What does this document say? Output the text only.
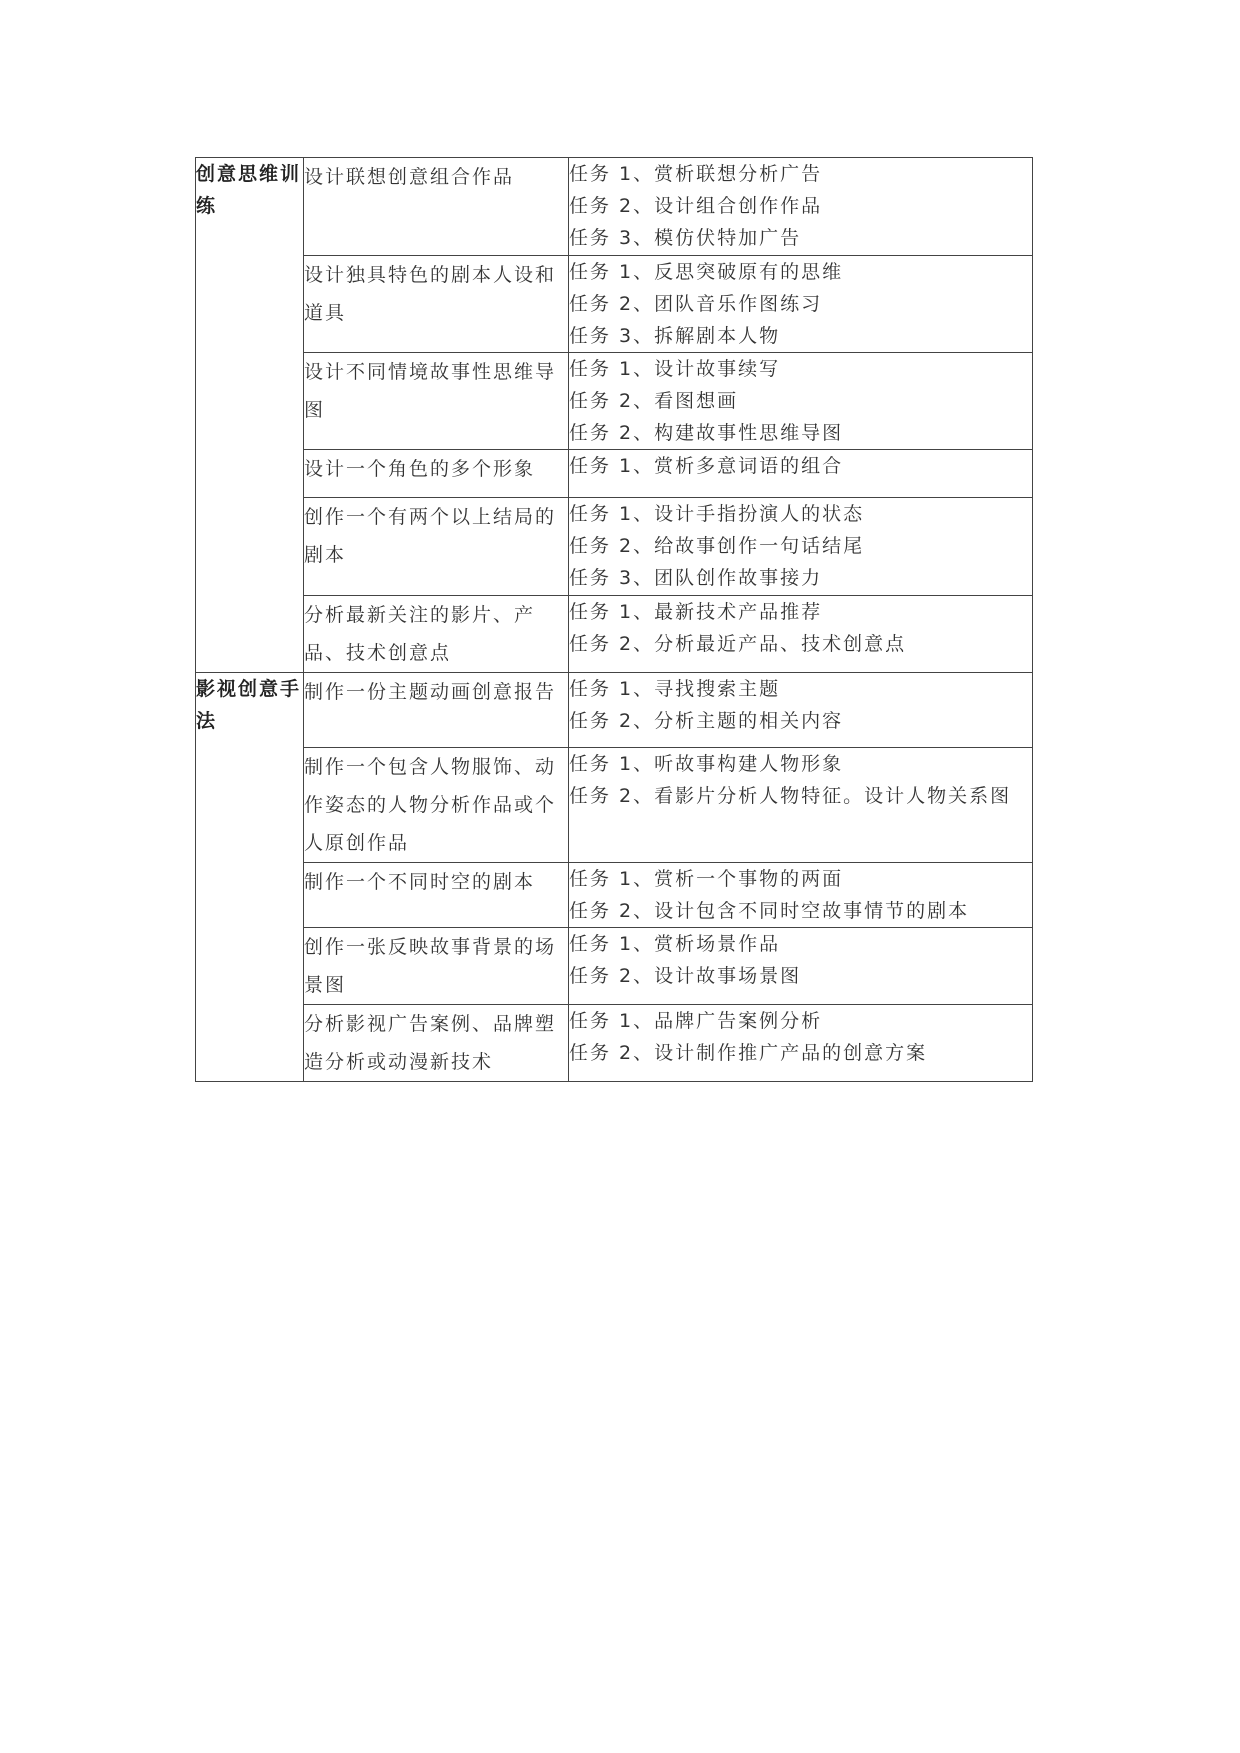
创意思维训练	设计联想创意组合作品	任务 1、赏析联想分析广告
任务 2、设计组合创作作品
任务 3、模仿伏特加广告

	设计独具特色的剧本人设和道具	任务 1、反思突破原有的思维
任务 2、团队音乐作图练习
任务 3、拆解剧本人物

	设计不同情境故事性思维导图	任务 1、设计故事续写
任务 2、看图想画
任务 2、构建故事性思维导图

	设计一个角色的多个形象	任务 1、赏析多意词语的组合

	创作一个有两个以上结局的剧本	任务 1、设计手指扮演人的状态
任务 2、给故事创作一句话结尾
任务 3、团队创作故事接力

	分析最新关注的影片、产品、技术创意点	任务 1、最新技术产品推荐
任务 2、分析最近产品、技术创意点

影视创意手法	制作一份主题动画创意报告	任务 1、寻找搜索主题
任务 2、分析主题的相关内容

	制作一个包含人物服饰、动作姿态的人物分析作品或个人原创作品	任务 1、听故事构建人物形象
任务 2、看影片分析人物特征。设计人物关系图

	制作一个不同时空的剧本	任务 1、赏析一个事物的两面
任务 2、设计包含不同时空故事情节的剧本

	创作一张反映故事背景的场景图	任务 1、赏析场景作品
任务 2、设计故事场景图

	分析影视广告案例、品牌塑造分析或动漫新技术	任务 1、品牌广告案例分析
任务 2、设计制作推广产品的创意方案
